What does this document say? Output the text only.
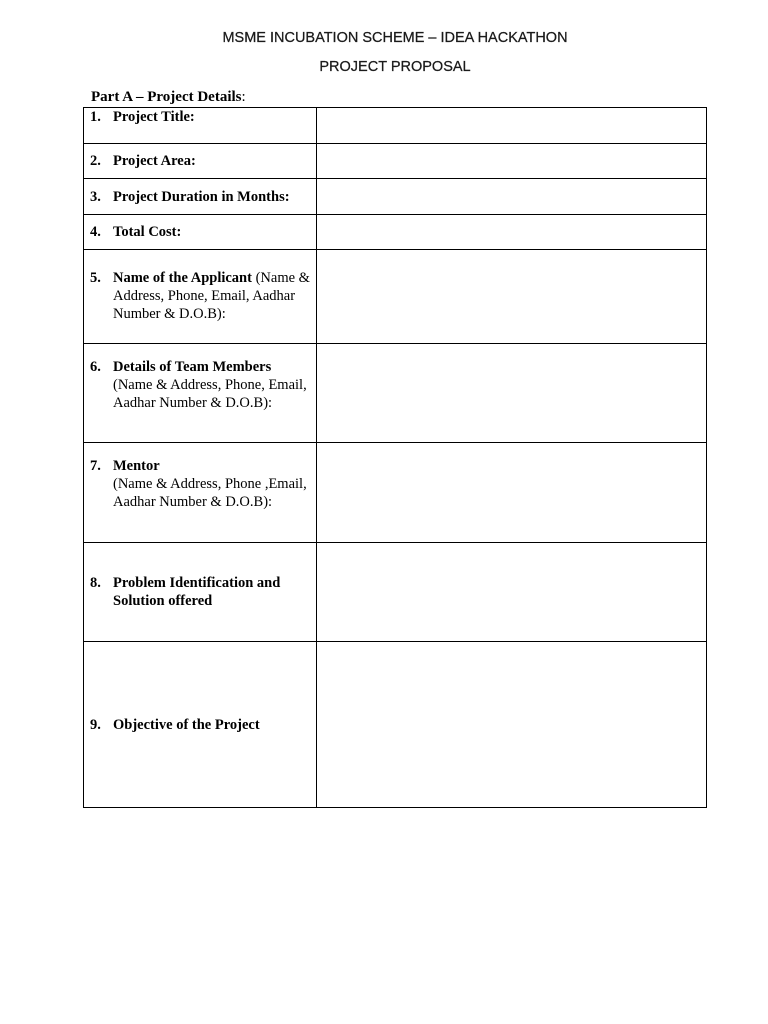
MSME INCUBATION SCHEME – IDEA HACKATHON
PROJECT PROPOSAL
Part A – Project Details:
1. Project Title:	

2. Project Area:	

3. Project Duration in Months:	

4. Total Cost:	

5. Name of the Applicant (Name & Address, Phone, Email, Aadhar Number & D.O.B):	

6. Details of Team Members
(Name & Address, Phone, Email, Aadhar Number & D.O.B):	

7. Mentor
(Name & Address, Phone ,Email, Aadhar Number & D.O.B):	

8. Problem Identification and Solution offered	

9. Objective of the Project	
